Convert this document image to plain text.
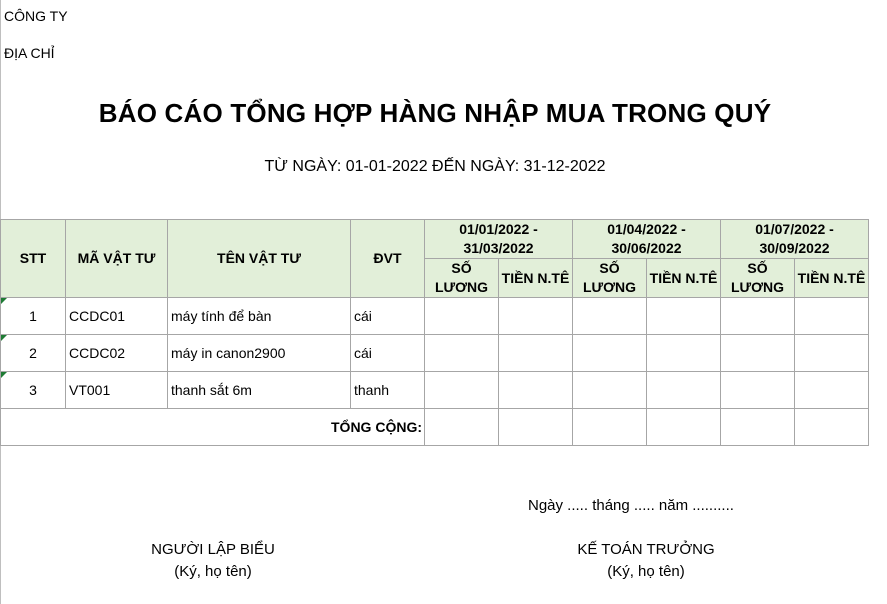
CÔNG TY
ĐỊA CHỈ
BÁO CÁO TỔNG HỢP HÀNG NHẬP MUA TRONG QUÝ
TỪ NGÀY: 01-01-2022 ĐẾN NGÀY: 31-12-2022
STT	MÃ VẬT TƯ	TÊN VẬT TƯ	ĐVT	01/01/2022 - 31/03/2022		01/04/2022 - 30/06/2022		01/07/2022 - 30/09/2022	
				SỐ LƯƠNG	TIỀN N.TÊ	SỐ LƯƠNG	TIỀN N.TÊ	SỐ LƯƠNG	TIỀN N.TÊ
1	CCDC01	máy tính để bàn	cái						
2	CCDC02	máy in canon2900	cái						
3	VT001	thanh sắt 6m	thanh						
TỔNG CỘNG:									
Ngày ..... tháng ..... năm ..........
NGƯỜI LẬP BIỂU
(Ký, họ tên)
KẾ TOÁN TRƯỞNG
(Ký, họ tên)
